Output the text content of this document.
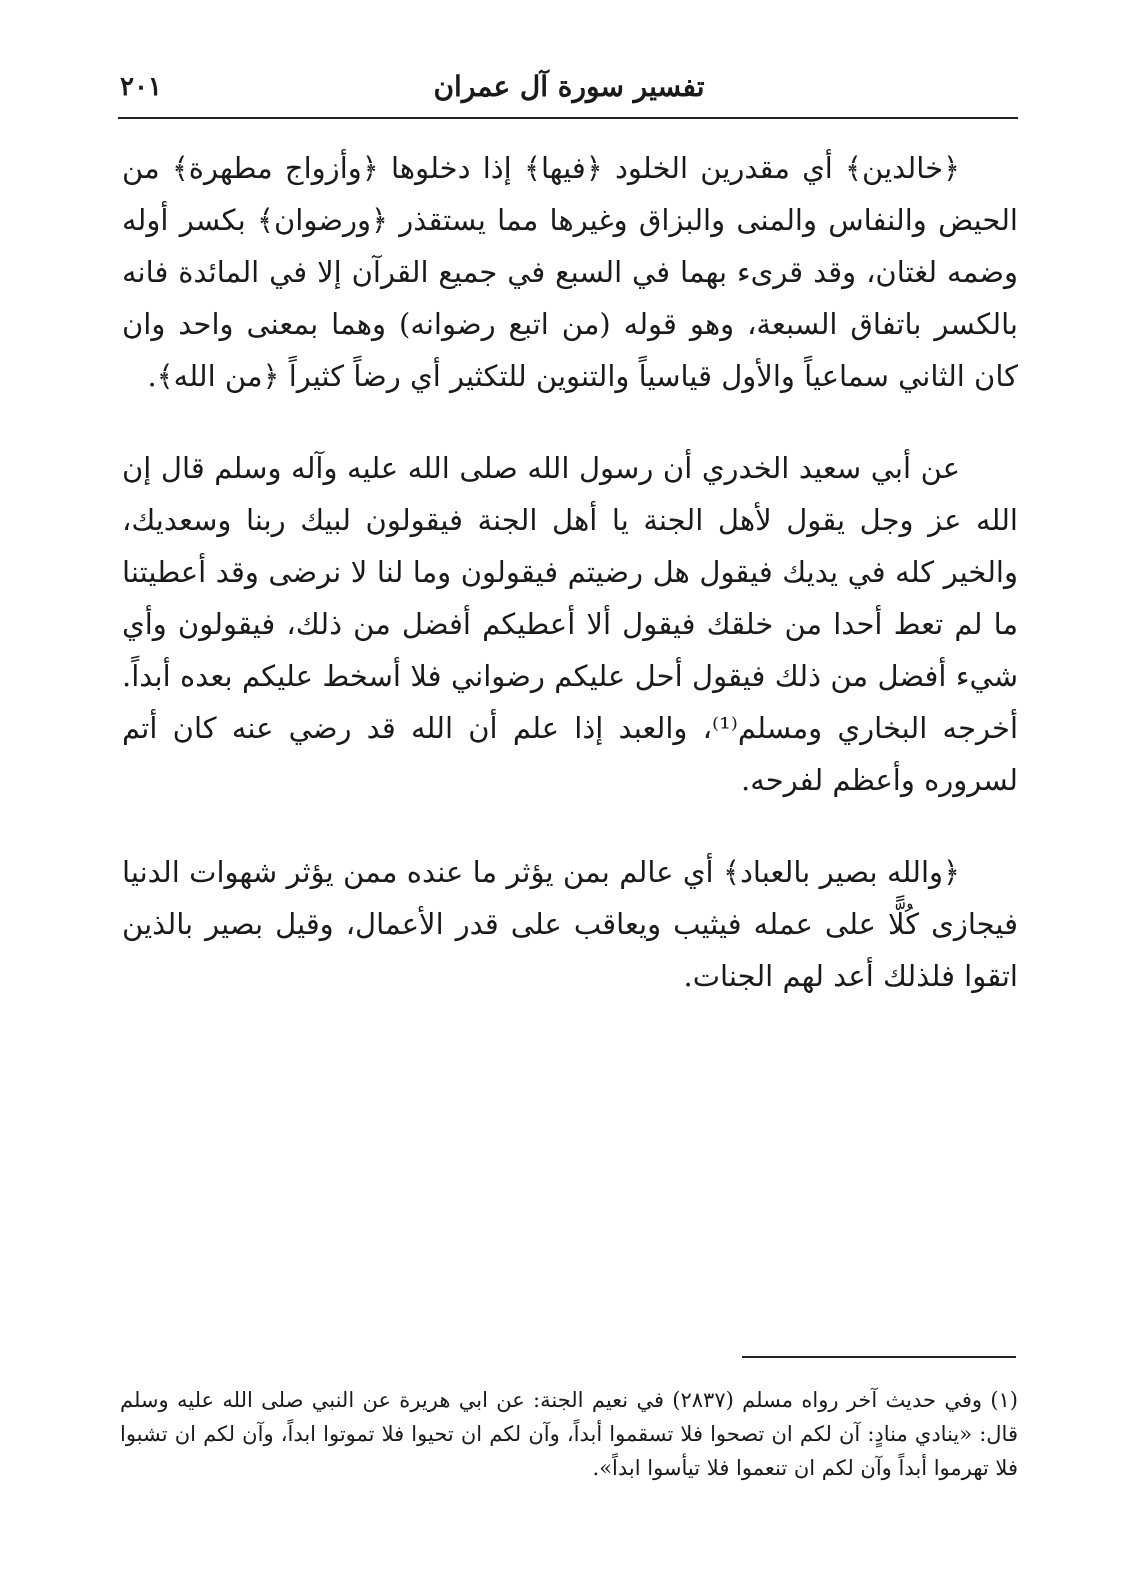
٢٠١	تفسير سورة آل عمران

﴿خالدين﴾ أي مقدرين الخلود ﴿فيها﴾ إذا دخلوها ﴿وأزواج مطهرة﴾ من الحيض والنفاس والمنى والبزاق وغيرها مما يستقذر ﴿ورضوان﴾ بكسر أوله وضمه لغتان، وقد قرىء بهما في السبع في جميع القرآن إلا في المائدة فانه بالكسر باتفاق السبعة، وهو قوله (من اتبع رضوانه) وهما بمعنى واحد وان كان الثاني سماعياً والأول قياسياً والتنوين للتكثير أي رضاً كثيراً ﴿من الله﴾.

عن أبي سعيد الخدري أن رسول الله صلى الله عليه وآله وسلم قال إن الله عز وجل يقول لأهل الجنة يا أهل الجنة فيقولون لبيك ربنا وسعديك، والخير كله في يديك فيقول هل رضيتم فيقولون وما لنا لا نرضى وقد أعطيتنا ما لم تعط أحدا من خلقك فيقول ألا أعطيكم أفضل من ذلك، فيقولون وأي شيء أفضل من ذلك فيقول أحل عليكم رضواني فلا أسخط عليكم بعده أبداً. أخرجه البخاري ومسلم⁽¹⁾، والعبد إذا علم أن الله قد رضي عنه كان أتم لسروره وأعظم لفرحه.

﴿والله بصير بالعباد﴾ أي عالم بمن يؤثر ما عنده ممن يؤثر شهوات الدنيا فيجازى كُلًّا على عمله فيثيب ويعاقب على قدر الأعمال، وقيل بصير بالذين اتقوا فلذلك أعد لهم الجنات.

(١) وفي حديث آخر رواه مسلم (٢٨٣٧) في نعيم الجنة: عن ابي هريرة عن النبي صلى الله عليه وسلم قال: «ينادي منادٍ: آن لكم ان تصحوا فلا تسقموا أبداً، وآن لكم ان تحيوا فلا تموتوا ابداً، وآن لكم ان تشبوا فلا تهرموا أبداً وآن لكم ان تنعموا فلا تيأسوا ابداً».
